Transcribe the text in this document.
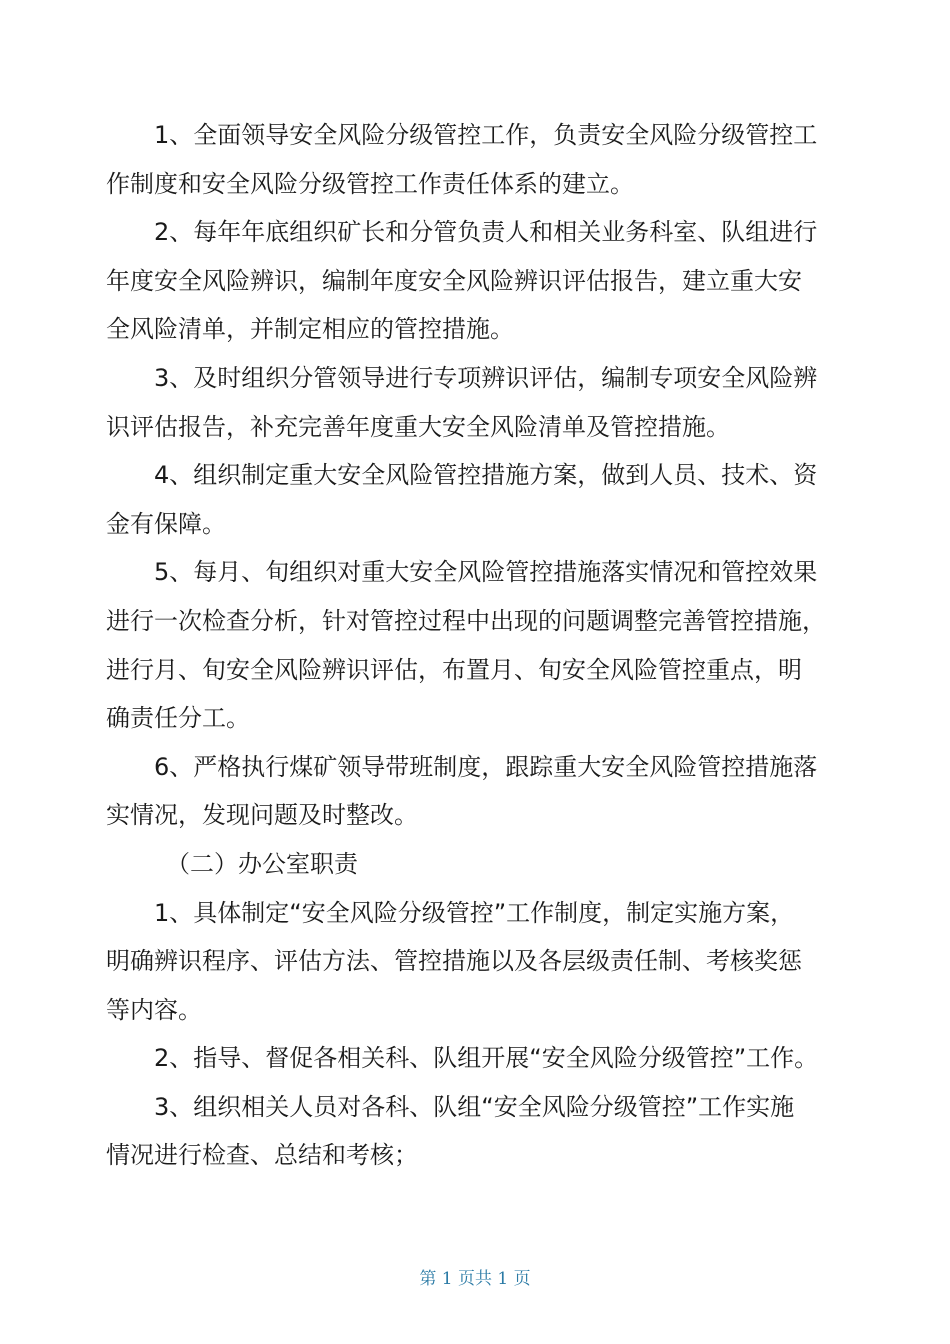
1、全面领导安全风险分级管控工作，负责安全风险分级管控工
作制度和安全风险分级管控工作责任体系的建立。

2、每年年底组织矿长和分管负责人和相关业务科室、队组进行
年度安全风险辨识，编制年度安全风险辨识评估报告，建立重大安
全风险清单，并制定相应的管控措施。

3、及时组织分管领导进行专项辨识评估，编制专项安全风险辨
识评估报告，补充完善年度重大安全风险清单及管控措施。

4、组织制定重大安全风险管控措施方案，做到人员、技术、资
金有保障。

5、每月、旬组织对重大安全风险管控措施落实情况和管控效果
进行一次检查分析，针对管控过程中出现的问题调整完善管控措施，
进行月、旬安全风险辨识评估，布置月、旬安全风险管控重点，明
确责任分工。

6、严格执行煤矿领导带班制度，跟踪重大安全风险管控措施落
实情况，发现问题及时整改。

（二）办公室职责

1、具体制定“安全风险分级管控”工作制度，制定实施方案，
明确辨识程序、评估方法、管控措施以及各层级责任制、考核奖惩
等内容。

2、指导、督促各相关科、队组开展“安全风险分级管控”工作。

3、组织相关人员对各科、队组“安全风险分级管控”工作实施
情况进行检查、总结和考核；

第 1 页共 1 页
